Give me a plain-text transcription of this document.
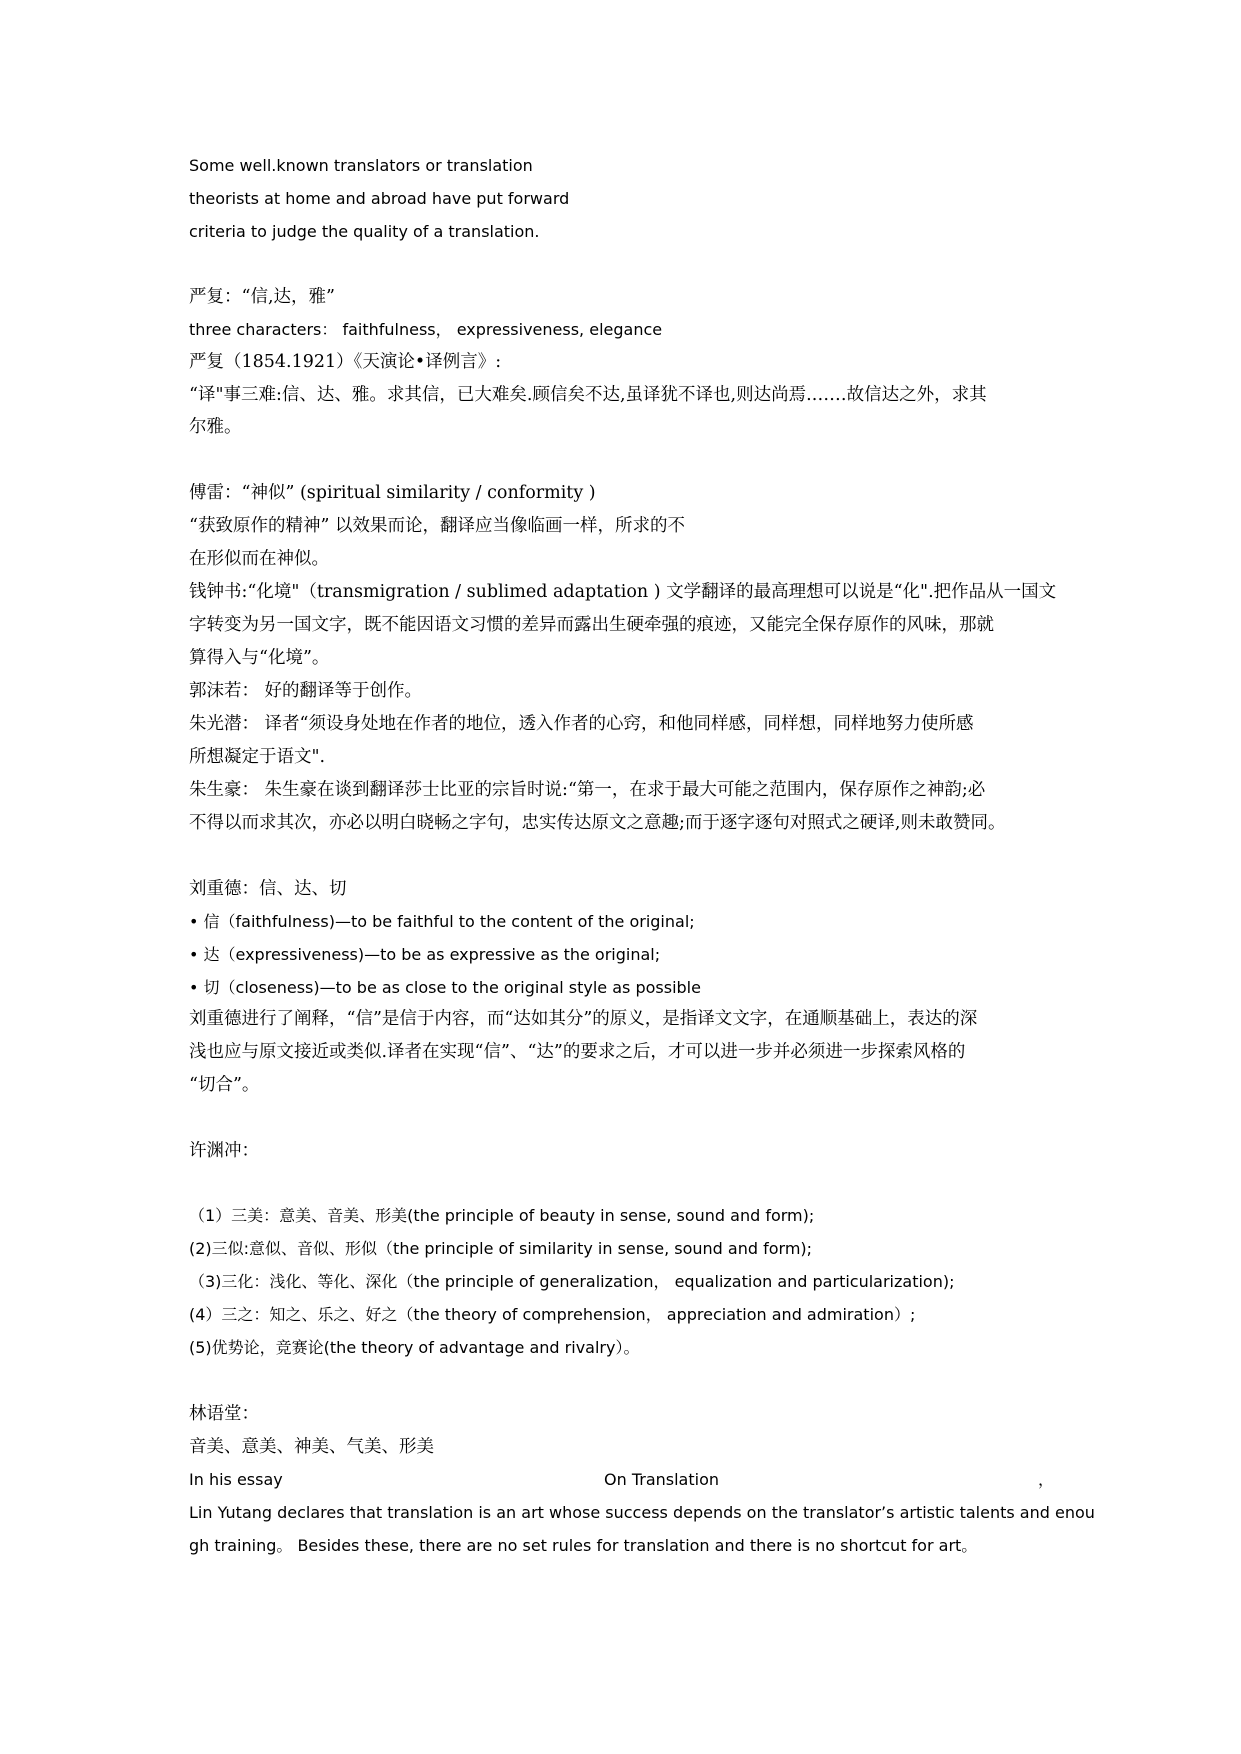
Some well.known translators or translation
theorists at home and abroad have put forward
criteria to judge the quality of a translation.
严复：“信,达，雅”
three characters： faithfulness， expressiveness, elegance
严复（1854.1921）《天演论•译例言》:
“译"事三难:信、达、雅。求其信，已大难矣.顾信矣不达,虽译犹不译也,则达尚焉.……故信达之外，求其
尔雅。
傅雷：“神似” (spiritual similarity / conformity )
“获致原作的精神” 以效果而论，翻译应当像临画一样，所求的不
在形似而在神似。
钱钟书:“化境"（transmigration / sublimed adaptation ) 文学翻译的最高理想可以说是“化".把作品从一国文
字转变为另一国文字，既不能因语文习惯的差异而露出生硬牵强的痕迹，又能完全保存原作的风味，那就
算得入与“化境”。
郭沫若： 好的翻译等于创作。
朱光潜： 译者“须设身处地在作者的地位，透入作者的心窍，和他同样感，同样想，同样地努力使所感
所想凝定于语文".
朱生豪： 朱生豪在谈到翻译莎士比亚的宗旨时说:“第一，在求于最大可能之范围内，保存原作之神韵;必
不得以而求其次，亦必以明白晓畅之字句，忠实传达原文之意趣;而于逐字逐句对照式之硬译,则未敢赞同。
刘重德：信、达、切
• 信（faithfulness)—to be faithful to the content of the original;
• 达（expressiveness)—to be as expressive as the original;
• 切（closeness)—to be as close to the original style as possible
刘重德进行了阐释，“信”是信于内容，而“达如其分”的原义，是指译文文字，在通顺基础上，表达的深
浅也应与原文接近或类似.译者在实现“信”、“达”的要求之后，才可以进一步并必须进一步探索风格的
“切合”。
许渊冲：
（1）三美：意美、音美、形美(the principle of beauty in sense, sound and form);
(2)三似:意似、音似、形似（the principle of similarity in sense, sound and form);
（3)三化：浅化、等化、深化（the principle of generalization， equalization and particularization);
(4）三之：知之、乐之、好之（the theory of comprehension， appreciation and admiration）;
(5)优势论，竞赛论(the theory of advantage and rivalry）。
林语堂：
音美、意美、神美、气美、形美
In his essay	On Translation	，
Lin Yutang declares that translation is an art whose success depends on the translator’s artistic talents and enou
gh training。 Besides these, there are no set rules for translation and there is no shortcut for art。
